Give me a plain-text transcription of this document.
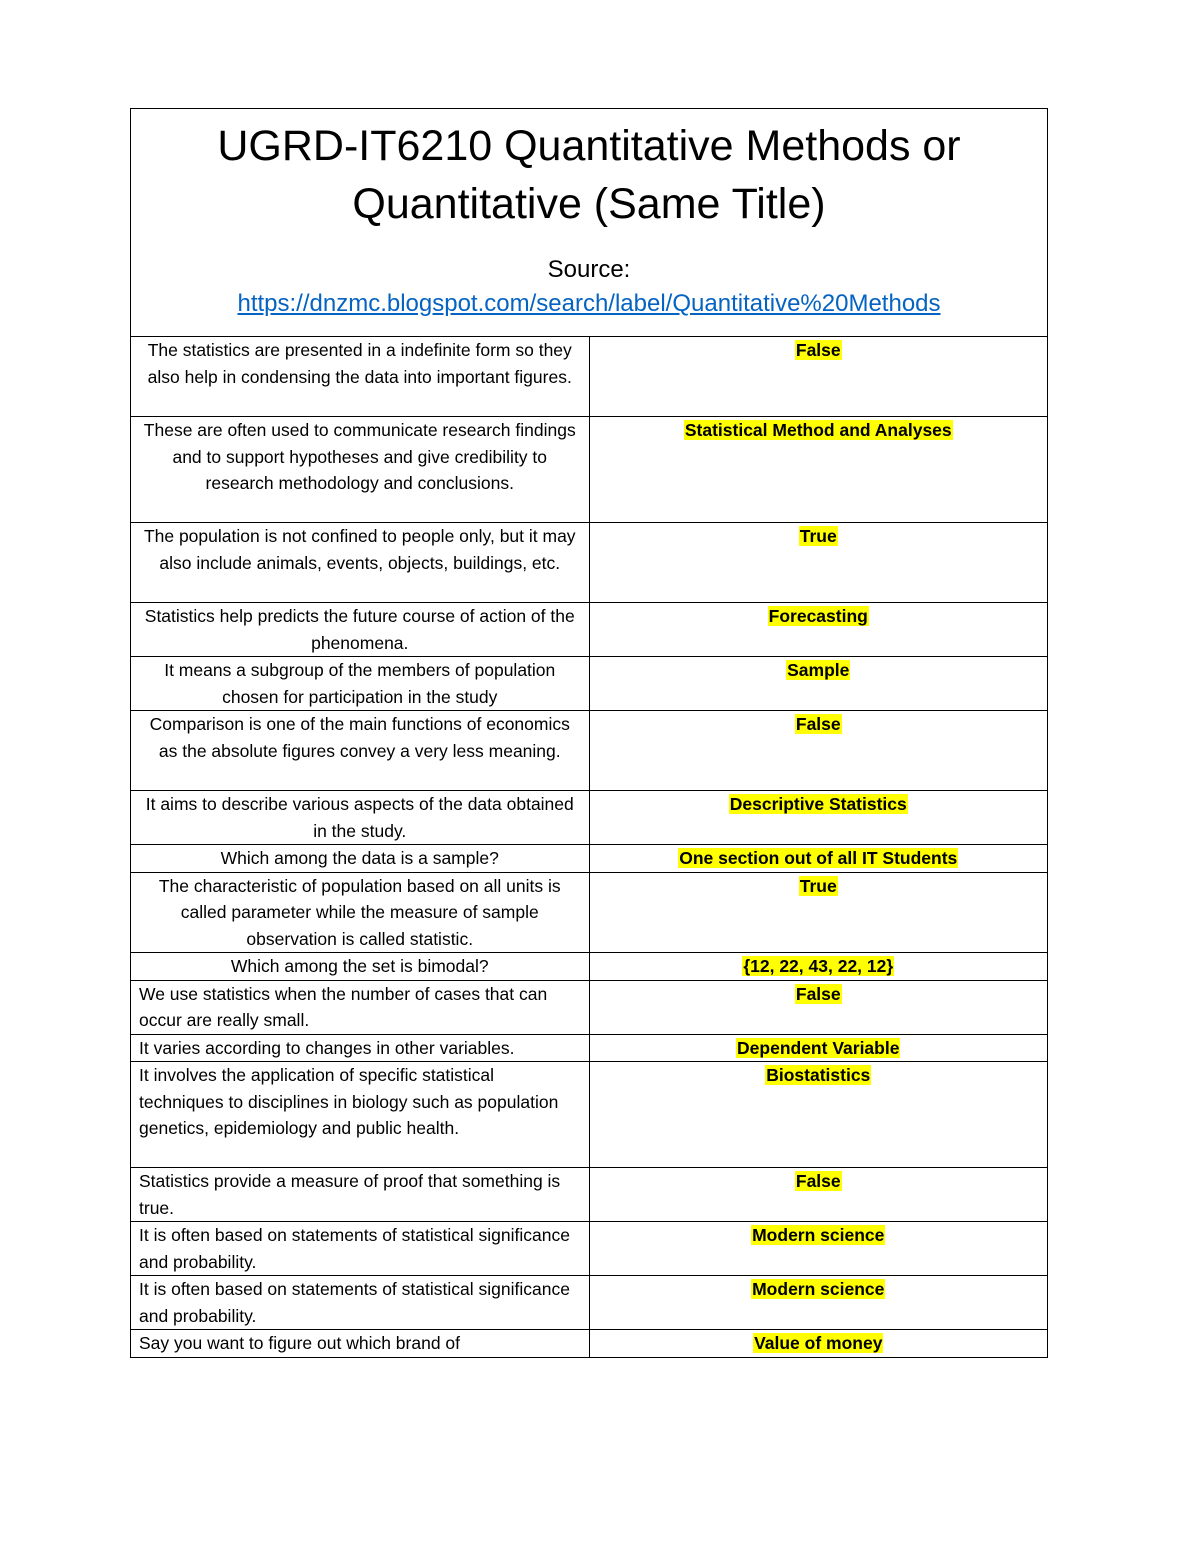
UGRD-IT6210 Quantitative Methods or Quantitative (Same Title)
Source:
https://dnzmc.blogspot.com/search/label/Quantitative%20Methods	
The statistics are presented in a indefinite form so they also help in condensing the data into important figures.	False
These are often used to communicate research findings and to support hypotheses and give credibility to research methodology and conclusions.	Statistical Method and Analyses
The population is not confined to people only, but it may also include animals, events, objects, buildings, etc.	True
Statistics help predicts the future course of action of the phenomena.	Forecasting
It means a subgroup of the members of population chosen for participation in the study	Sample
Comparison is one of the main functions of economics as the absolute figures convey a very less meaning.	False
It aims to describe various aspects of the data obtained in the study.	Descriptive Statistics
Which among the data is a sample?	One section out of all IT Students
The characteristic of population based on all units is called parameter while the measure of sample observation is called statistic.	True
Which among the set is bimodal?	{12, 22, 43, 22, 12}
We use statistics when the number of cases that can occur are really small.	False
It varies according to changes in other variables.	Dependent Variable
It involves the application of specific statistical techniques to disciplines in biology such as population genetics, epidemiology and public health.	Biostatistics
Statistics provide a measure of proof that something is true.	False
It is often based on statements of statistical significance and probability.	Modern science
It is often based on statements of statistical significance and probability.	Modern science
Say you want to figure out which brand of	Value of money
